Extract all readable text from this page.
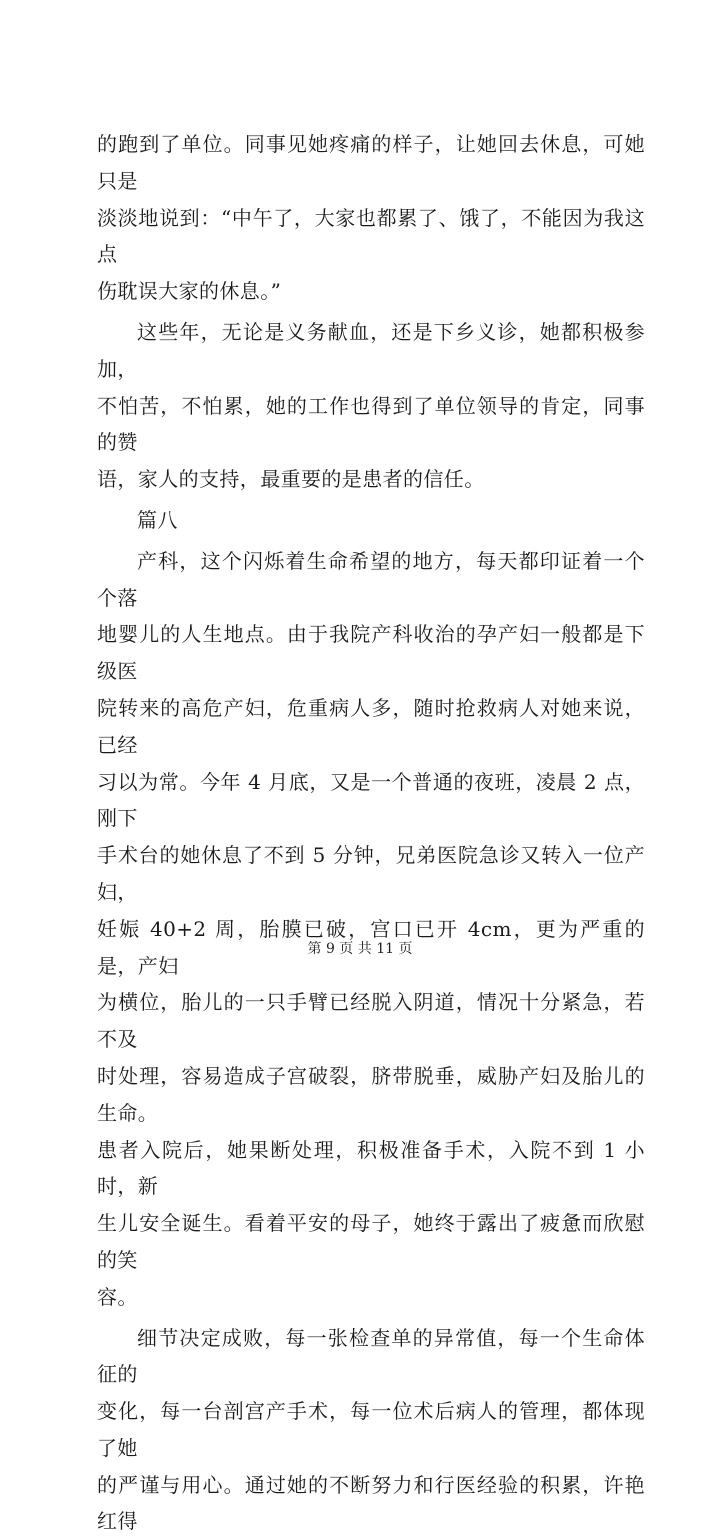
的跑到了单位。同事见她疼痛的样子，让她回去休息，可她只是
淡淡地说到：“中午了，大家也都累了、饿了，不能因为我这点
伤耽误大家的休息。”

这些年，无论是义务献血，还是下乡义诊，她都积极参加，
不怕苦，不怕累，她的工作也得到了单位领导的肯定，同事的赞
语，家人的支持，最重要的是患者的信任。

篇八

产科，这个闪烁着生命希望的地方，每天都印证着一个个落
地婴儿的人生地点。由于我院产科收治的孕产妇一般都是下级医
院转来的高危产妇，危重病人多，随时抢救病人对她来说，已经
习以为常。今年 4 月底，又是一个普通的夜班，凌晨 2 点，刚下
手术台的她休息了不到 5 分钟，兄弟医院急诊又转入一位产妇，
妊娠 40+2 周，胎膜已破，宫口已开 4cm，更为严重的是，产妇
为横位，胎儿的一只手臂已经脱入阴道，情况十分紧急，若不及
时处理，容易造成子宫破裂，脐带脱垂，威胁产妇及胎儿的生命。
患者入院后，她果断处理，积极准备手术，入院不到 1 小时，新
生儿安全诞生。看着平安的母子，她终于露出了疲惫而欣慰的笑
容。

细节决定成败，每一张检查单的异常值，每一个生命体征的
变化，每一台剖宫产手术，每一位术后病人的管理，都体现了她
的严谨与用心。通过她的不断努力和行医经验的积累，许艳红得

第 9 页 共 11 页
